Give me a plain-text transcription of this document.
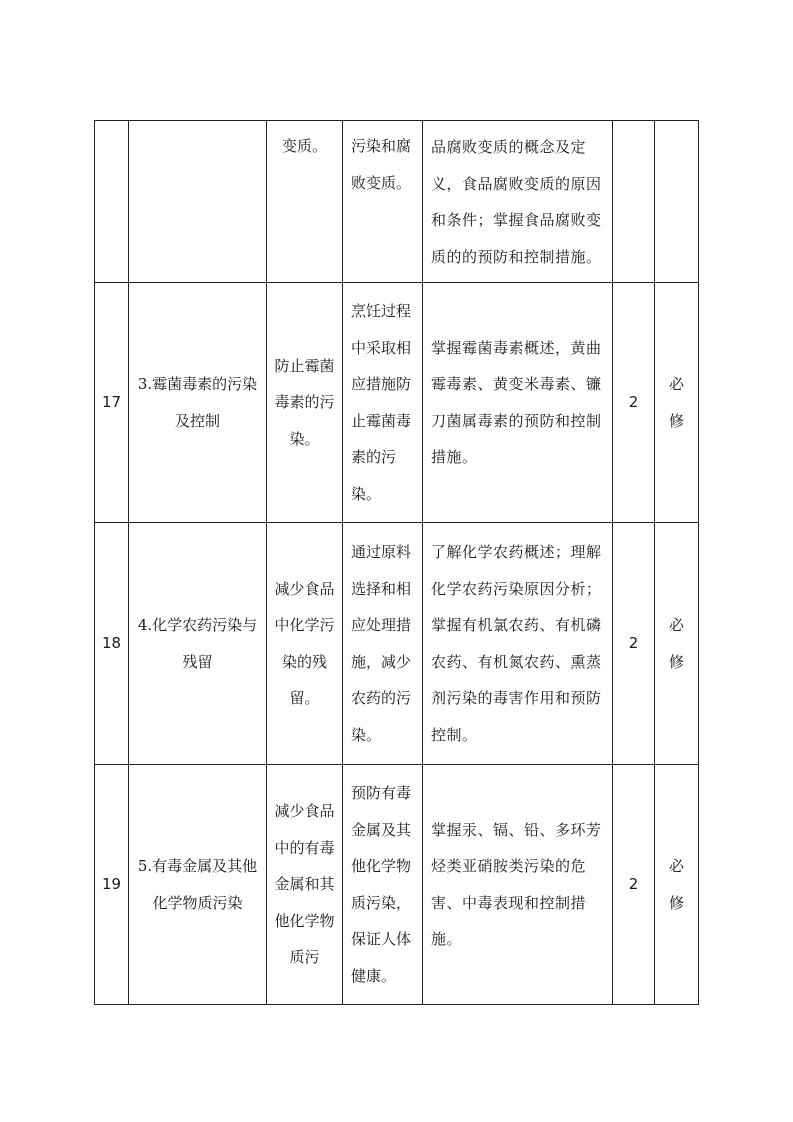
		变质。	污染和腐败变质。	品腐败变质的概念及定义，食品腐败变质的原因和条件；掌握食品腐败变质的的预防和控制措施。		
17	3.霉菌毒素的污染及控制	防止霉菌毒素的污染。	烹饪过程中采取相应措施防止霉菌毒素的污染。	掌握霉菌毒素概述，黄曲霉毒素、黄变米毒素、镰刀菌属毒素的预防和控制措施。	2	必修

18	4.化学农药污染与残留	减少食品中化学污染的残留。	通过原料选择和相应处理措施，减少农药的污染。	了解化学农药概述；理解化学农药污染原因分析；掌握有机氯农药、有机磷农药、有机氮农药、熏蒸剂污染的毒害作用和预防控制。	2	必修

19	5.有毒金属及其他化学物质污染	减少食品中的有毒金属和其他化学物质污	预防有毒金属及其他化学物质污染，保证人体健康。	掌握汞、镉、铅、多环芳烃类亚硝胺类污染的危害、中毒表现和控制措施。	2	必修
